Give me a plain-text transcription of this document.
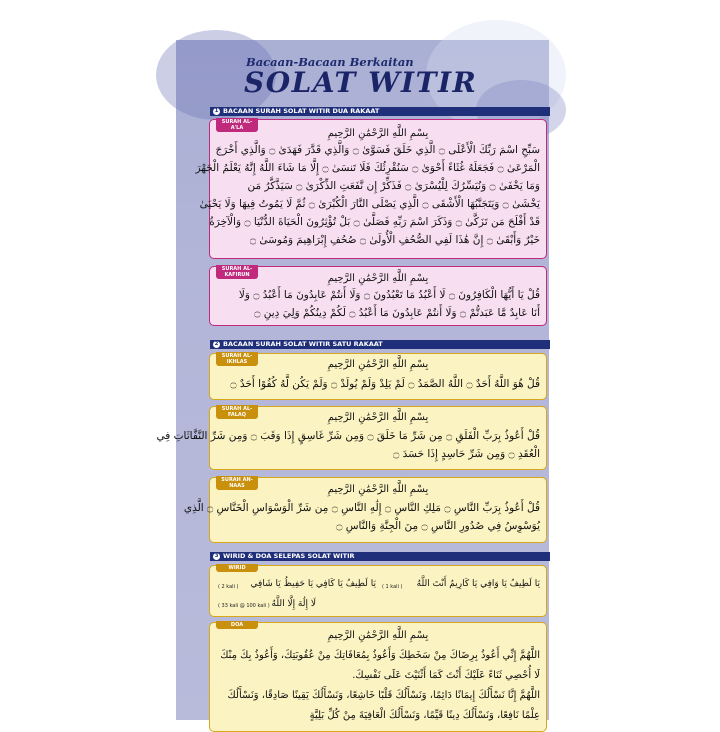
Bacaan-Bacaan Berkaitan
SOLAT WITIR
1 BACAAN SURAH SOLAT WITIR DUA RAKAAT
SURAH AL-A'LA	بِسْمِ اللَّهِ الرَّحْمَٰنِ الرَّحِيمِ
سَبِّحِ اسْمَ رَبِّكَ الْأَعْلَى ۝ الَّذِي خَلَقَ فَسَوَّىٰ ۝ وَالَّذِي قَدَّرَ فَهَدَىٰ ۝ وَالَّذِي أَخْرَجَ
الْمَرْعَىٰ ۝ فَجَعَلَهُ غُثَاءً أَحْوَىٰ ۝ سَنُقْرِئُكَ فَلَا تَنسَىٰ ۝ إِلَّا مَا شَاءَ اللَّهُ إِنَّهُ يَعْلَمُ الْجَهْرَ
وَمَا يَخْفَىٰ ۝ وَنُيَسِّرُكَ لِلْيُسْرَىٰ ۝ فَذَكِّرْ إِن نَّفَعَتِ الذِّكْرَىٰ ۝ سَيَذَّكَّرُ مَن
يَخْشَىٰ ۝ وَيَتَجَنَّبُهَا الْأَشْقَى ۝ الَّذِي يَصْلَى النَّارَ الْكُبْرَىٰ ۝ ثُمَّ لَا يَمُوتُ فِيهَا وَلَا يَحْيَىٰ
قَدْ أَفْلَحَ مَن تَزَكَّىٰ ۝ وَذَكَرَ اسْمَ رَبِّهِ فَصَلَّىٰ ۝ بَلْ تُؤْثِرُونَ الْحَيَاةَ الدُّنْيَا ۝ وَالْآخِرَةُ
خَيْرٌ وَأَبْقَىٰ ۝ إِنَّ هَٰذَا لَفِي الصُّحُفِ الْأُولَىٰ ۝ صُحُفِ إِبْرَاهِيمَ وَمُوسَىٰ ۝
SURAH AL-KAFIRUN	بِسْمِ اللَّهِ الرَّحْمَٰنِ الرَّحِيمِ
قُلْ يَا أَيُّهَا الْكَافِرُونَ ۝ لَا أَعْبُدُ مَا تَعْبُدُونَ ۝ وَلَا أَنتُمْ عَابِدُونَ مَا أَعْبُدُ ۝ وَلَا
أَنَا عَابِدٌ مَّا عَبَدتُّمْ ۝ وَلَا أَنتُمْ عَابِدُونَ مَا أَعْبُدُ ۝ لَكُمْ دِينُكُمْ وَلِيَ دِينِ ۝
2 BACAAN SURAH SOLAT WITIR SATU RAKAAT
SURAH AL-IKHLAS	بِسْمِ اللَّهِ الرَّحْمَٰنِ الرَّحِيمِ
قُلْ هُوَ اللَّهُ أَحَدٌ ۝ اللَّهُ الصَّمَدُ ۝ لَمْ يَلِدْ وَلَمْ يُولَدْ ۝ وَلَمْ يَكُن لَّهُ كُفُوًا أَحَدٌ ۝
SURAH AL-FALAQ	بِسْمِ اللَّهِ الرَّحْمَٰنِ الرَّحِيمِ
قُلْ أَعُوذُ بِرَبِّ الْفَلَقِ ۝ مِن شَرِّ مَا خَلَقَ ۝ وَمِن شَرِّ غَاسِقٍ إِذَا وَقَبَ ۝ وَمِن شَرِّ النَّفَّاثَاتِ فِي
الْعُقَدِ ۝ وَمِن شَرِّ حَاسِدٍ إِذَا حَسَدَ ۝
SURAH AN-NAAS	بِسْمِ اللَّهِ الرَّحْمَٰنِ الرَّحِيمِ
قُلْ أَعُوذُ بِرَبِّ النَّاسِ ۝ مَلِكِ النَّاسِ ۝ إِلَٰهِ النَّاسِ ۝ مِن شَرِّ الْوَسْوَاسِ الْخَنَّاسِ ۝ الَّذِي
يُوَسْوِسُ فِي صُدُورِ النَّاسِ ۝ مِنَ الْجِنَّةِ وَالنَّاسِ ۝
3 WIRID & DOA SELEPAS SOLAT WITIR
WIRID
يَا لَطِيفُ يَا وَافِي يَا كَارِيمُ أَنْتَ اللَّهُ
( 1 kali )
يَا لَطِيفُ يَا كَافِي يَا حَفِيظُ يَا شَافِي
( 2 kali )
لَا إِلَٰهَ إِلَّا اللَّهُ
( 33 kali @ 100 kali )
DOA
بِسْمِ اللَّهِ الرَّحْمَٰنِ الرَّحِيمِ
اللَّهُمَّ إِنِّي أَعُوذُ بِرِضَاكَ مِنْ سَخَطِكَ وَأَعُوذُ بِمُعَافَاتِكَ مِنْ عُقُوبَتِكَ، وَأَعُوذُ بِكَ مِنْكَ
لَا أُحْصِي ثَنَاءً عَلَيْكَ أَنْتَ كَمَا أَثْنَيْتَ عَلَى نَفْسِكَ.
اللَّهُمَّ إِنَّا نَسْأَلُكَ إِيمَانًا دَائِمًا، وَنَسْأَلُكَ قَلْبًا خَاشِعًا، وَنَسْأَلُكَ يَقِينًا صَادِقًا، وَنَسْأَلُكَ
عِلْمًا نَافِعًا، وَنَسْأَلُكَ دِينًا قَيِّمًا، وَنَسْأَلُكَ الْعَافِيَةَ مِنْ كُلِّ بَلِيَّةٍ
